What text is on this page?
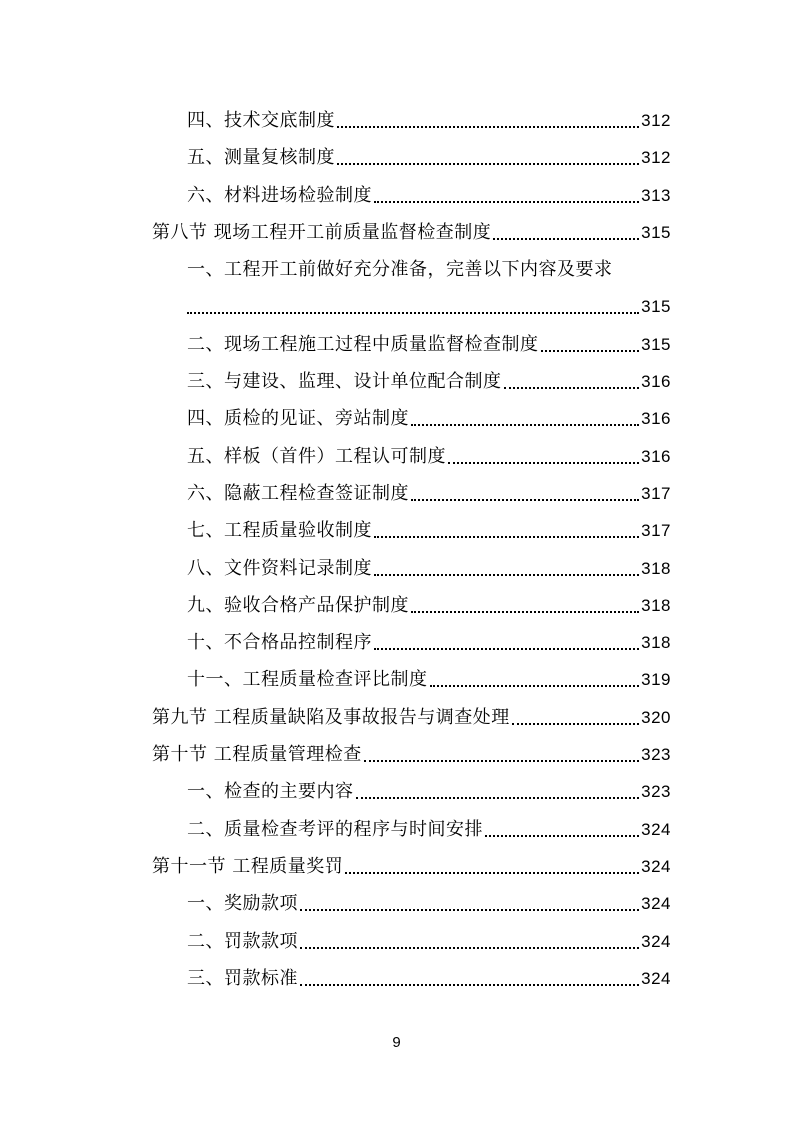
四、技术交底制度	312
五、测量复核制度	312
六、材料进场检验制度	313
第八节 现场工程开工前质量监督检查制度	315
一、工程开工前做好充分准备，完善以下内容及要求
315
二、现场工程施工过程中质量监督检查制度	315
三、与建设、监理、设计单位配合制度	316
四、质检的见证、旁站制度	316
五、样板（首件）工程认可制度	316
六、隐蔽工程检查签证制度	317
七、工程质量验收制度	317
八、文件资料记录制度	318
九、验收合格产品保护制度	318
十、不合格品控制程序	318
十一、工程质量检查评比制度	319
第九节 工程质量缺陷及事故报告与调查处理	320
第十节 工程质量管理检查	323
一、检查的主要内容	323
二、质量检查考评的程序与时间安排	324
第十一节 工程质量奖罚	324
一、奖励款项	324
二、罚款款项	324
三、罚款标准	324
9
